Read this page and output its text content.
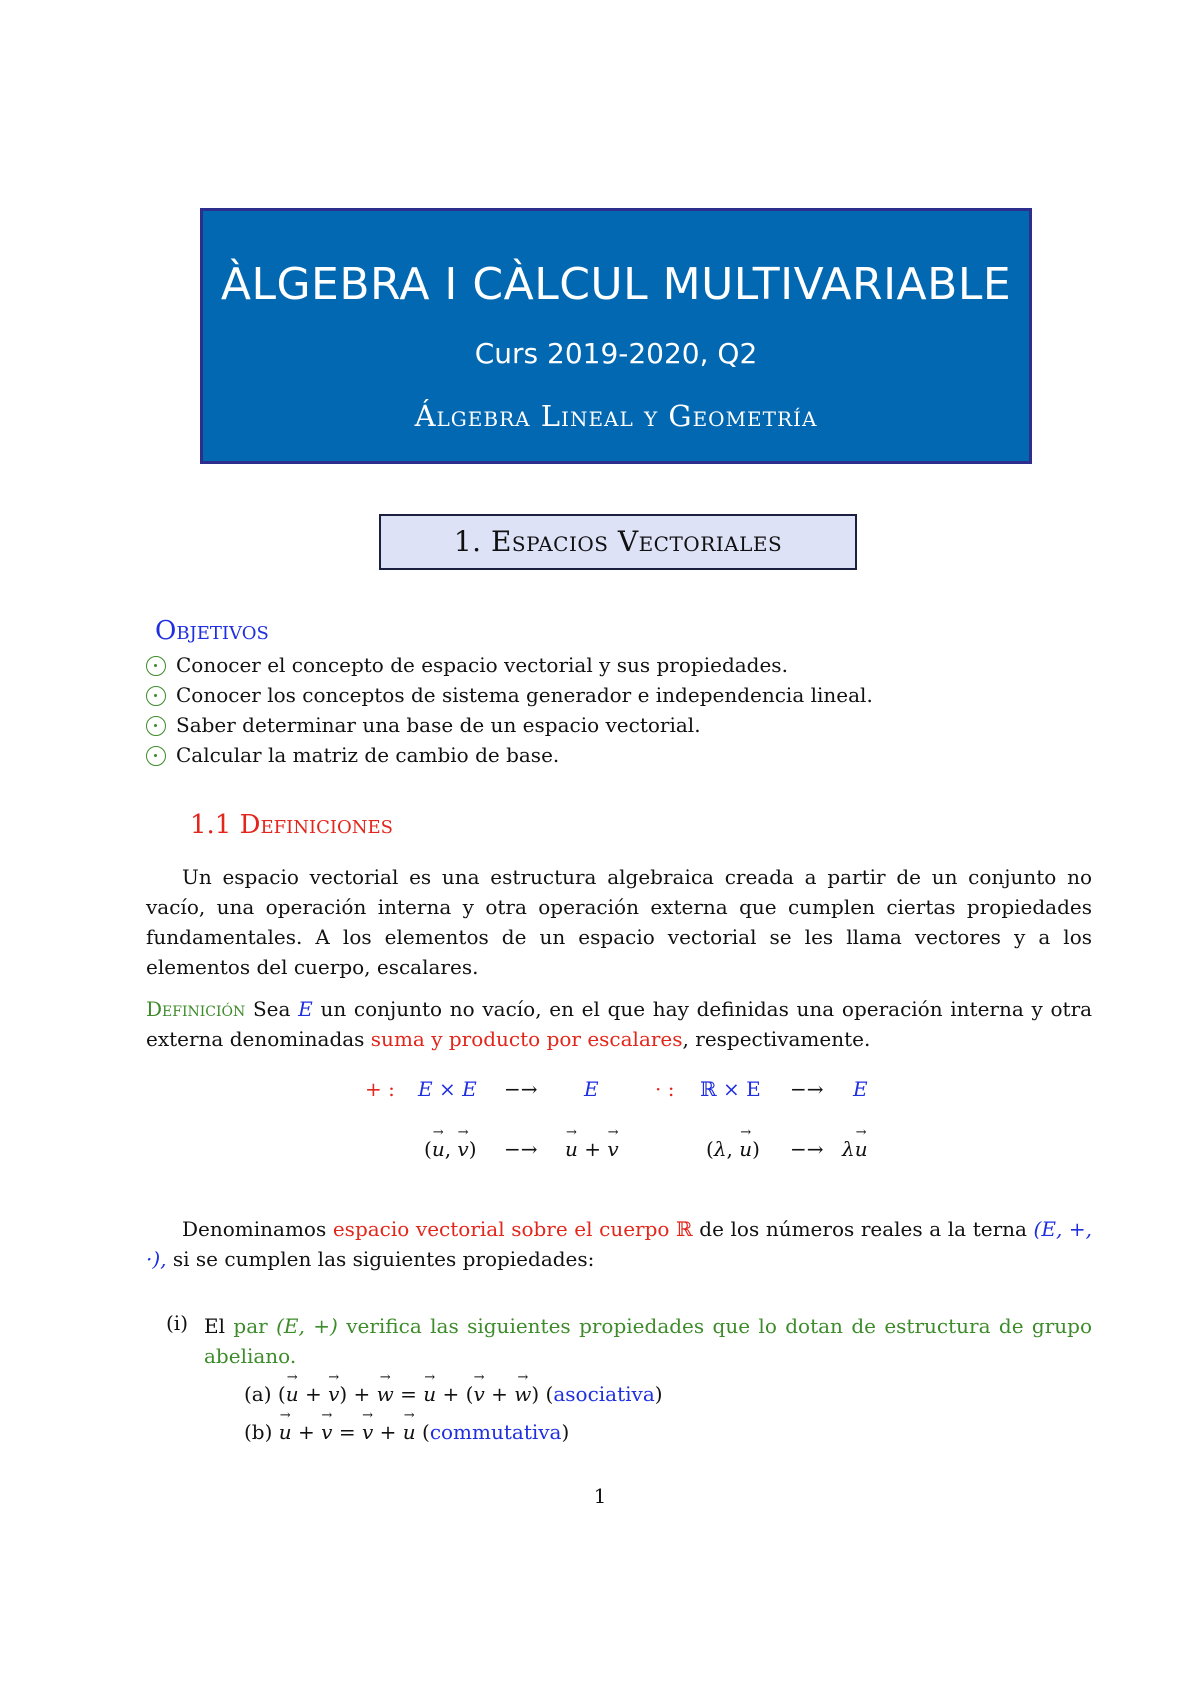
ÀLGEBRA I CÀLCUL MULTIVARIABLE
Curs 2019-2020, Q2
Álgebra Lineal y Geometría
1. Espacios Vectoriales
Objetivos
Conocer el concepto de espacio vectorial y sus propiedades.
Conocer los conceptos de sistema generador e independencia lineal.
Saber determinar una base de un espacio vectorial.
Calcular la matriz de cambio de base.
1.1 Definiciones
Un espacio vectorial es una estructura algebraica creada a partir de un conjunto no vacío, una operación interna y otra operación externa que cumplen ciertas propiedades fundamentales. A los elementos de un espacio vectorial se les llama vectores y a los elementos del cuerpo, escalares.
Definición Sea E un conjunto no vacío, en el que hay definidas una operación interna y otra externa denominadas suma y producto por escalares, respectivamente.
+ : E × E −→ E	· : ℝ × E −→ E
(→ u, → v) −→ → u + → v	(λ, → u) −→ λ→ u
Denominamos espacio vectorial sobre el cuerpo ℝ de los números reales a la terna (E, +, ·), si se cumplen las siguientes propiedades:
(i) El par (E, +) verifica las siguientes propiedades que lo dotan de estructura de grupo abeliano.
(a) (→ u + → v) + → w = → u + (→ v + → w) (asociativa)
(b) → u + → v = → v + → u (commutativa)
1
